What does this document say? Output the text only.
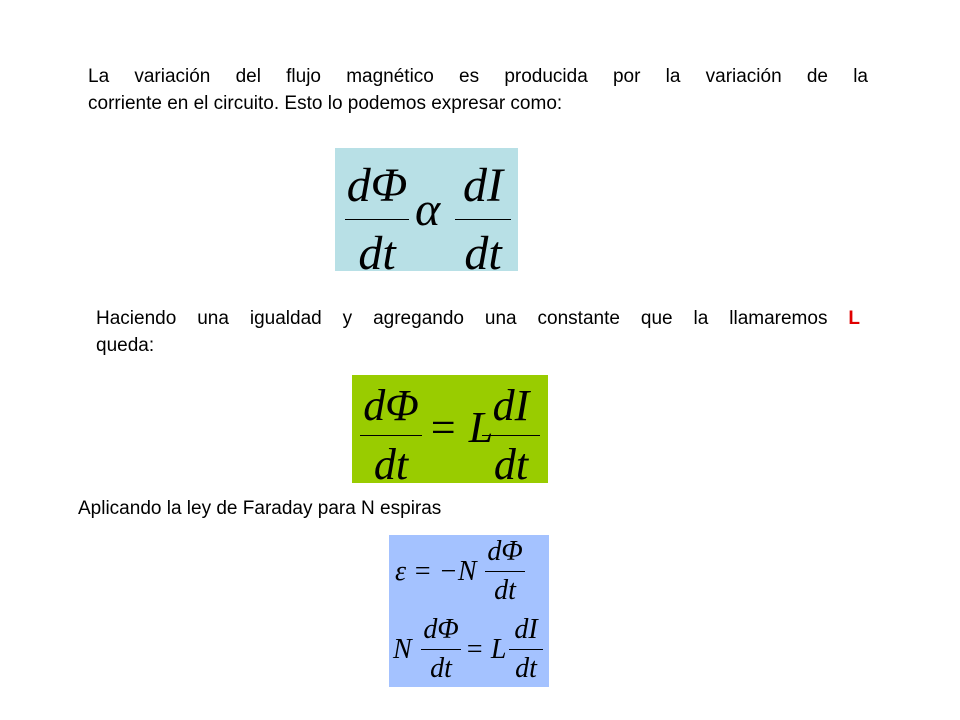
La variación del flujo magnético es producida por la variación de la
corriente en el circuito. Esto lo podemos expresar como:
dΦ
dt
α dI
dt
Haciendo una igualdad y agregando una constante que la llamaremos L
queda:
dΦ
dt
= L dI
dt
Aplicando la ley de Faraday para N espiras
ε = −N
dΦ
dt
N
dΦ
dt
= L
dI
dt
